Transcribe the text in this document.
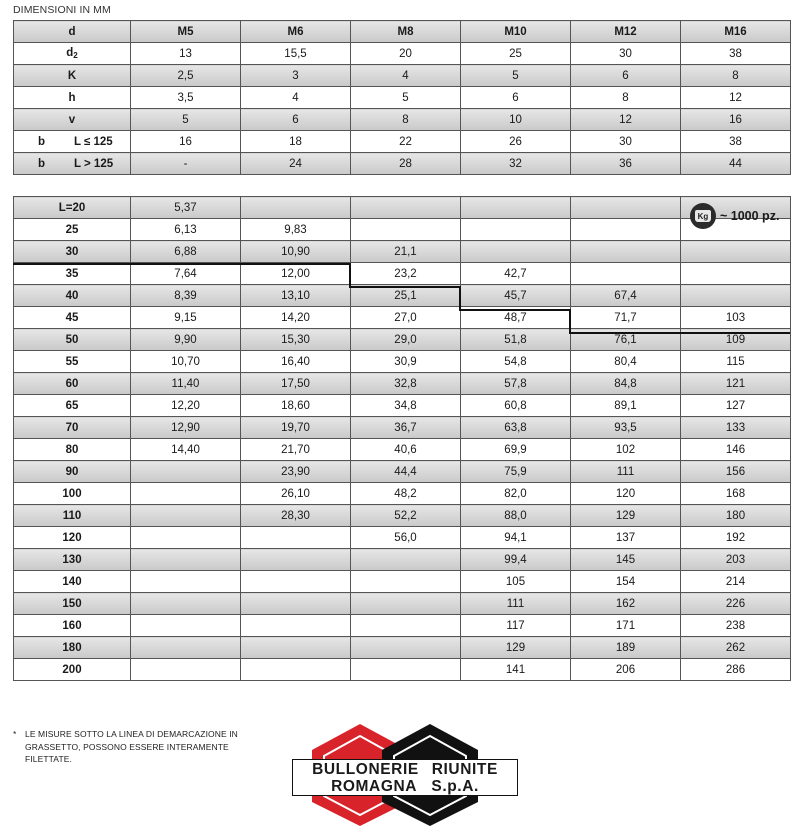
DIMENSIONI IN MM
d	M5	M6	M8	M10	M12	M16
d2	13	15,5	20	25	30	38
K	2,5	3	4	5	6	8
h	3,5	4	5	6	8	12
v	5	6	8	10	12	16

b L ≤ 125	16	18	22	26	30	38

b L > 125	-	24	28	32	36	44
L=20	5,37					
25	6,13	9,83				
30	6,88	10,90	21,1			
35	7,64	12,00	23,2	42,7		
40	8,39	13,10	25,1	45,7	67,4	
45	9,15	14,20	27,0	48,7	71,7	103
50	9,90	15,30	29,0	51,8	76,1	109
55	10,70	16,40	30,9	54,8	80,4	115
60	11,40	17,50	32,8	57,8	84,8	121
65	12,20	18,60	34,8	60,8	89,1	127
70	12,90	19,70	36,7	63,8	93,5	133
80	14,40	21,70	40,6	69,9	102	146
90		23,90	44,4	75,9	111	156
100		26,10	48,2	82,0	120	168
110		28,30	52,2	88,0	129	180
120			56,0	94,1	137	192
130				99,4	145	203
140				105	154	214
150				111	162	226
160				117	171	238
180				129	189	262
200				141	206	286
Kg ~ 1000 pz.
*	LE MISURE SOTTO LA LINEA DI DEMARCAZIONE IN GRASSETTO, POSSONO ESSERE INTERAMENTE FILETTATE.
BULLONERIE RIUNITE
ROMAGNA S.p.A.
